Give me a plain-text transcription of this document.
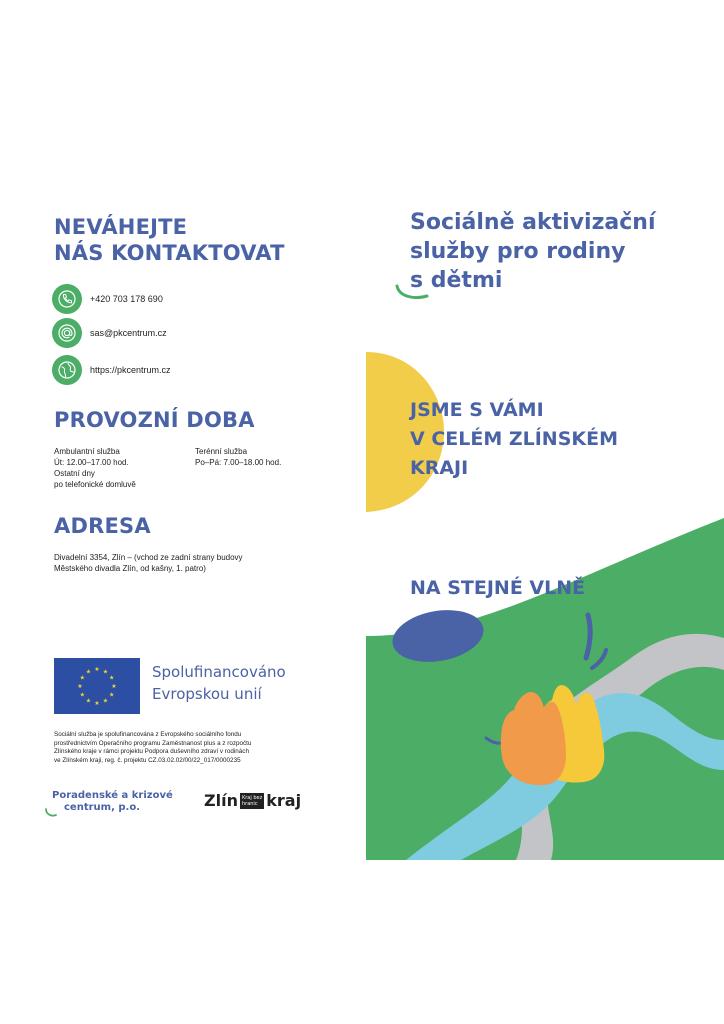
NEVÁHEJTE
NÁS KONTAKTOVAT
+420 703 178 690
sas@pkcentrum.cz
https://pkcentrum.cz
PROVOZNÍ DOBA
Ambulantní služba
Út: 12.00–17.00 hod.
Ostatní dny
po telefonické domluvě
Terénní služba
Po–Pá: 7.00–18.00 hod.
ADRESA
Divadelní 3354, Zlín – (vchod ze zadní strany budovy
Městského divadla Zlín, od kašny, 1. patro)
★ ★
★
★
★
★
★
★
★
★
★
★	Spolufinancováno
Evropskou unií
Sociální služba je spolufinancována z Evropského sociálního fondu
prostřednictvím Operačního programu Zaměstnanost plus a z rozpočtu
Zlínského kraje v rámci projektu Podpora duševního zdraví v rodinách
ve Zlínském kraji, reg. č. projektu CZ.03.02.02/00/22_017/0000235
Poradenské a krizové
centrum, p.o.	Zlín Kraj bez
hranic kraj
Sociálně aktivizační
služby pro rodiny
s dětmi
JSME S VÁMI
V CELÉM ZLÍNSKÉM
KRAJI
NA STEJNÉ VLNĚ
